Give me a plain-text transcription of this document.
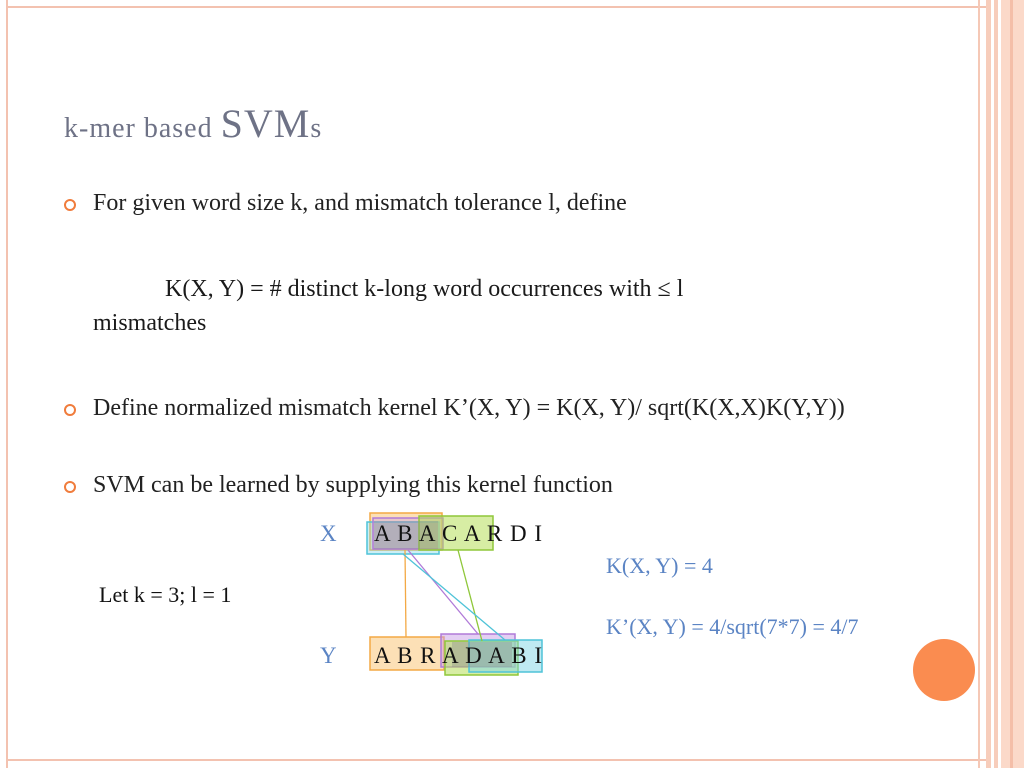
k-mer based SVMs
For given word size k, and mismatch tolerance l, define
K(X, Y) = # distinct k-long word occurrences with ≤ l
mismatches
Define normalized mismatch kernel K’(X, Y) = K(X, Y)/ sqrt(K(X,X)K(Y,Y))
SVM can be learned by supplying this kernel function
X A B A C A R D I
Y A B R A D A B I
Let k = 3; l = 1
K(X, Y) = 4
K’(X, Y) = 4/sqrt(7*7) = 4/7
